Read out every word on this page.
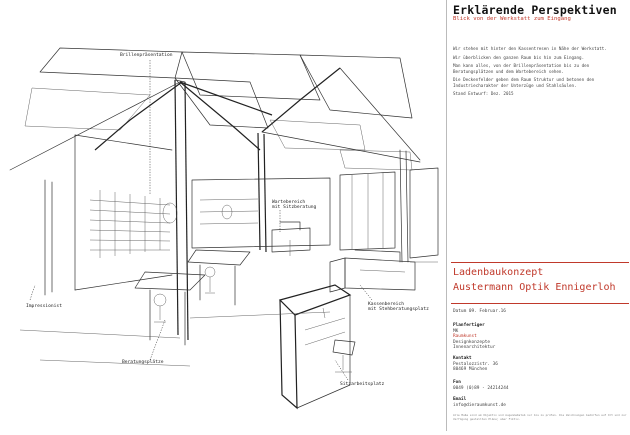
Brillenpräsentation
Wartebereich
mit Sitzberatung
Kassenbereich
mit Stehberatungsplatz
Impressionist
Beratungsplätze
Sitzarbeitsplatz
Erklärende Perspektiven
Blick von der Werkstatt zum Eingang

Wir stehen mit hinter den Kassentresen in Nähe der Werkstatt.

Wir überblicken den ganzen Raum bis hin zum Eingang.

Man kann alles, von der Brillenpräsentation bis zu den Beratungsplätzen und dem Wartebereich sehen.

Die Deckenfelder geben dem Raum Struktur und betonen den Industriecharakter der Unterzüge und Stahlsäulen.

Stand Entwurf: Dez. 2015

Ladenbaukonzept
Austermann Optik Ennigerloh
Datum 09. Februar.16
Planfertiger
MK
Raumkunst
Designkonzepte
Innenarchitektur
Kontakt
Pestalozzistr. 36
80469 München
Fon
0049 (0)89 - 24214244
Email
info@dieraumkunst.de
Alle Maße sind am Objektiv und Augenmaßstab nur bis zu prüfen. Die Zeichnungen bedürfen auf Ort und zur Verfügung gestellten Pläne; aber Fiktiv.
